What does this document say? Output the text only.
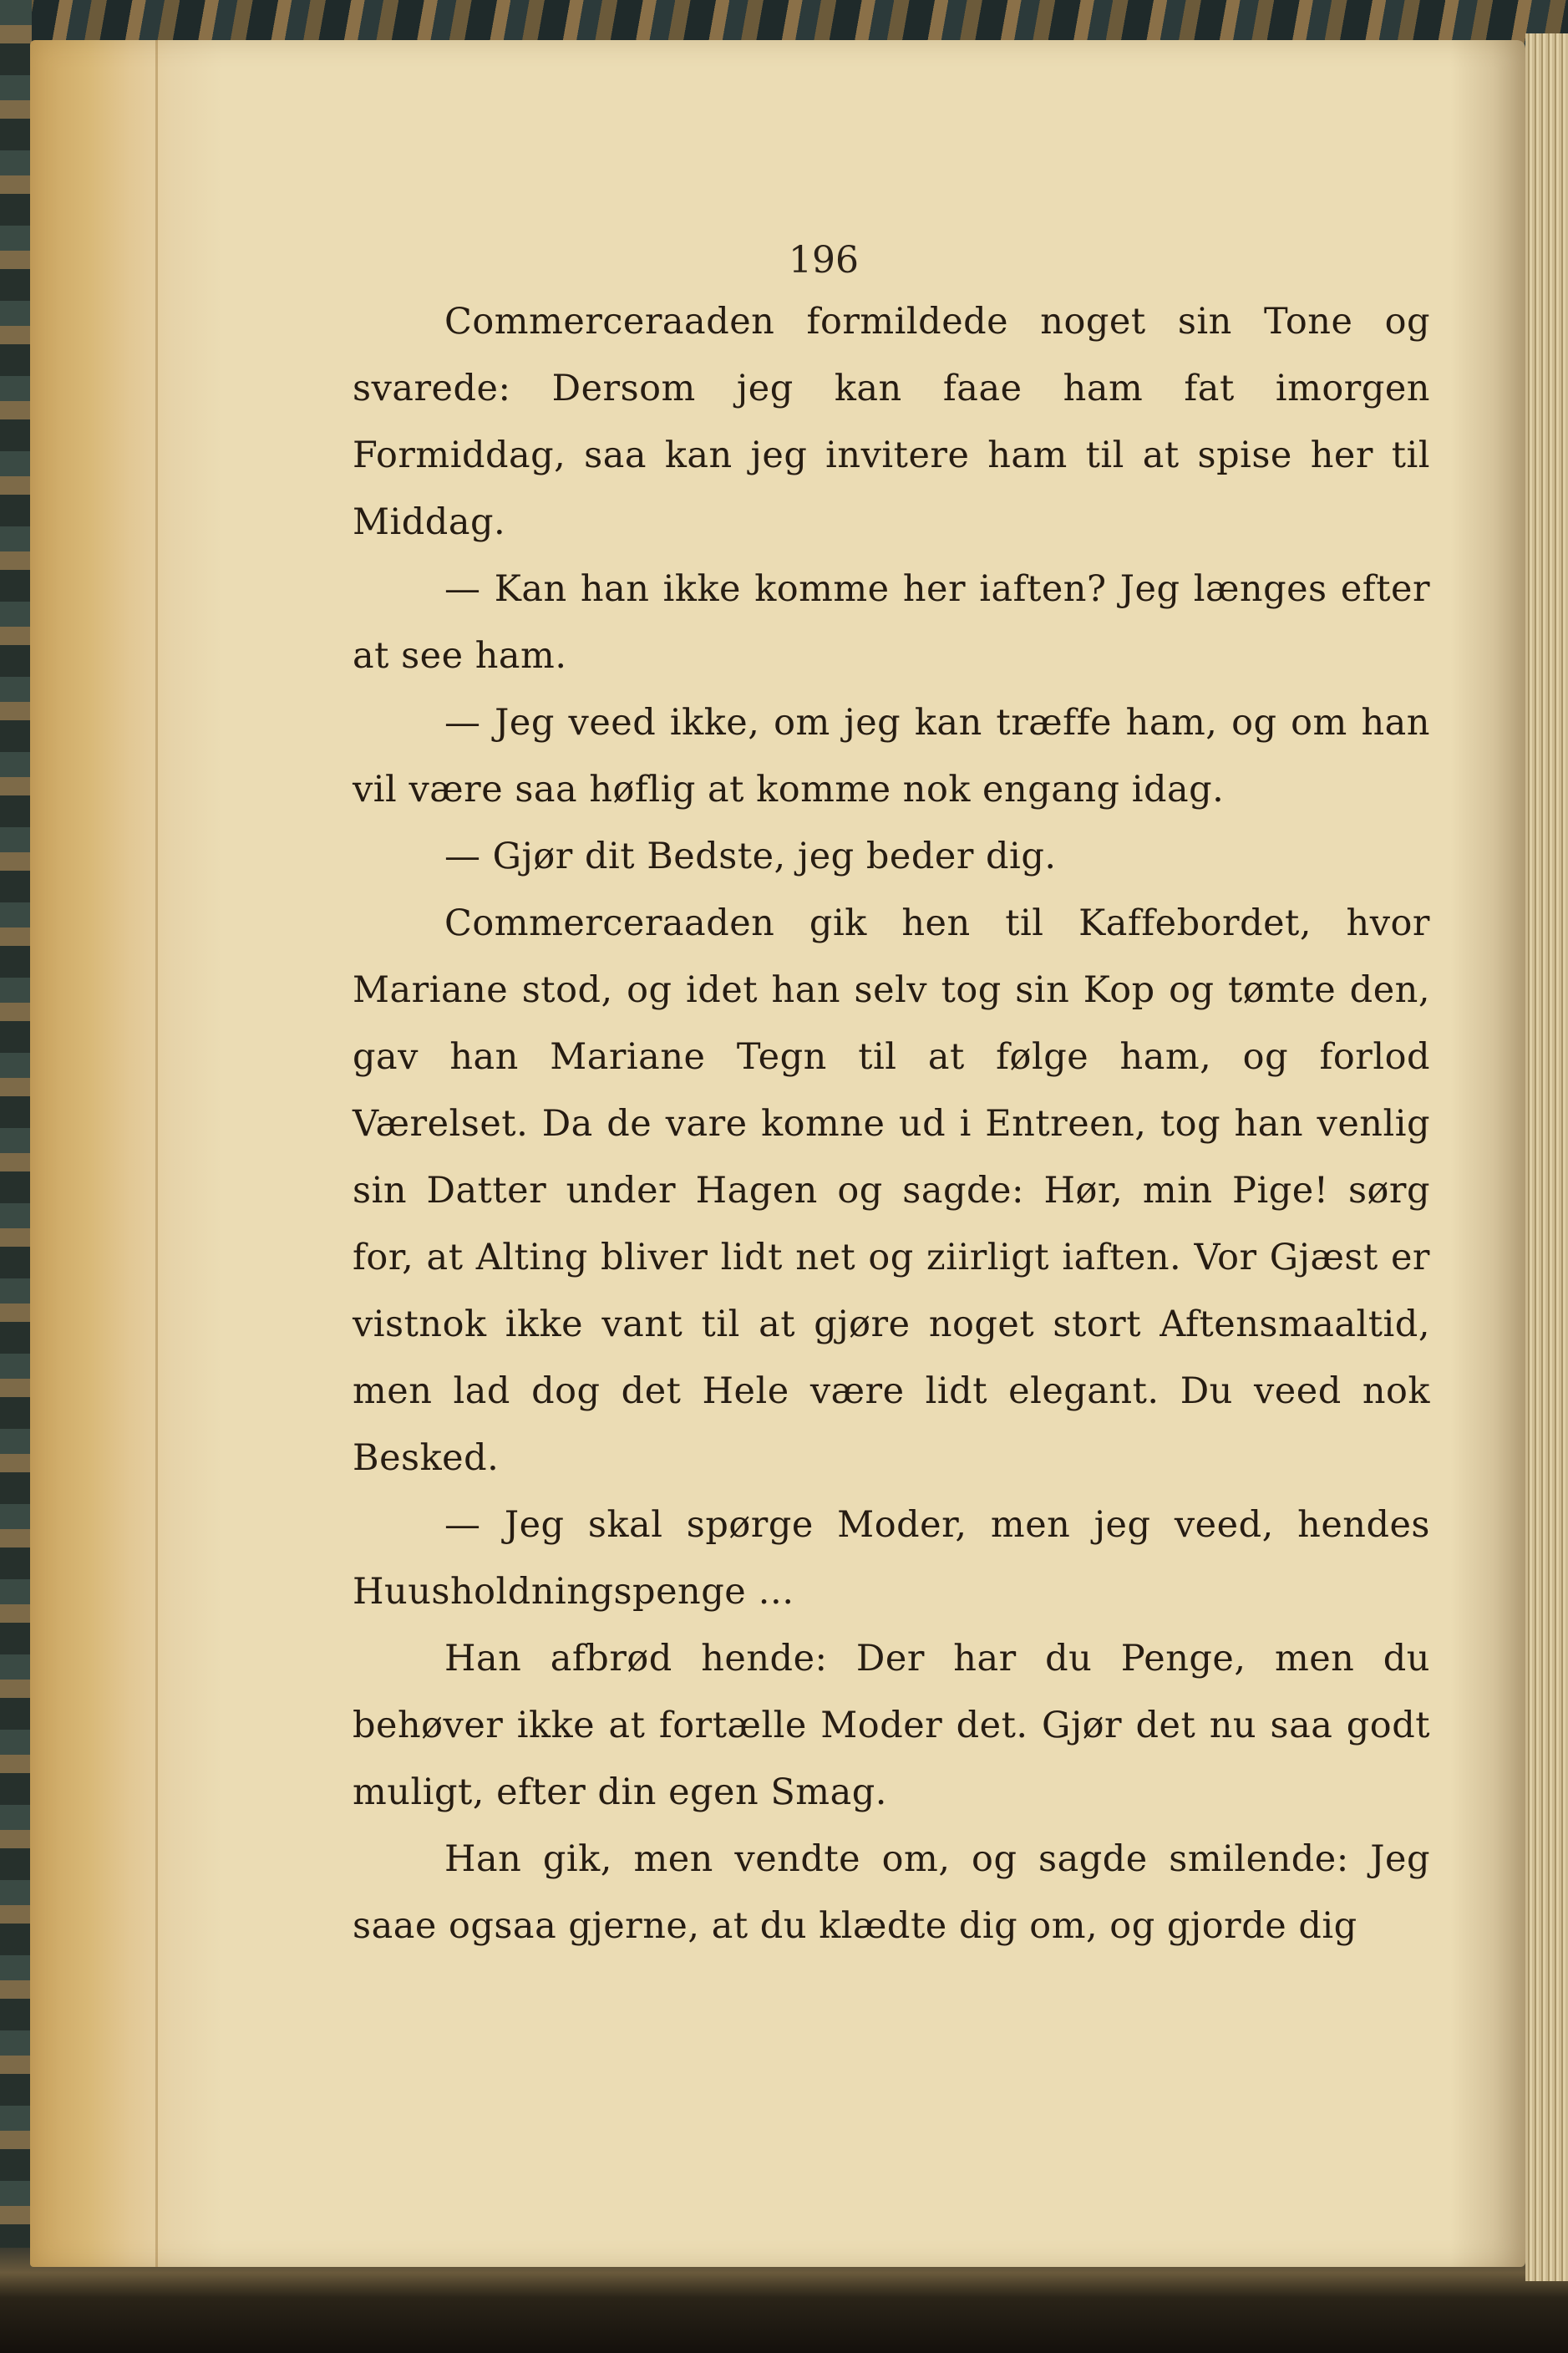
196

Commerceraaden formildede noget sin Tone og svarede: Dersom jeg kan faae ham fat imorgen Formiddag, saa kan jeg invitere ham til at spise her til Middag.

— Kan han ikke komme her iaften? Jeg længes efter at see ham.

— Jeg veed ikke, om jeg kan træffe ham, og om han vil være saa høflig at komme nok engang idag.

— Gjør dit Bedste, jeg beder dig.

Commerceraaden gik hen til Kaffebordet, hvor Mariane stod, og idet han selv tog sin Kop og tømte den, gav han Mariane Tegn til at følge ham, og forlod Værelset. Da de vare komne ud i Entreen, tog han venlig sin Datter under Hagen og sagde: Hør, min Pige! sørg for, at Alting bliver lidt net og ziirligt iaften. Vor Gjæst er vistnok ikke vant til at gjøre noget stort Aftensmaaltid, men lad dog det Hele være lidt elegant. Du veed nok Besked.

— Jeg skal spørge Moder, men jeg veed, hendes Huusholdningspenge …

Han afbrød hende: Der har du Penge, men du behøver ikke at fortælle Moder det. Gjør det nu saa godt muligt, efter din egen Smag.

Han gik, men vendte om, og sagde smilende: Jeg saae ogsaa gjerne, at du klædte dig om, og gjorde dig
